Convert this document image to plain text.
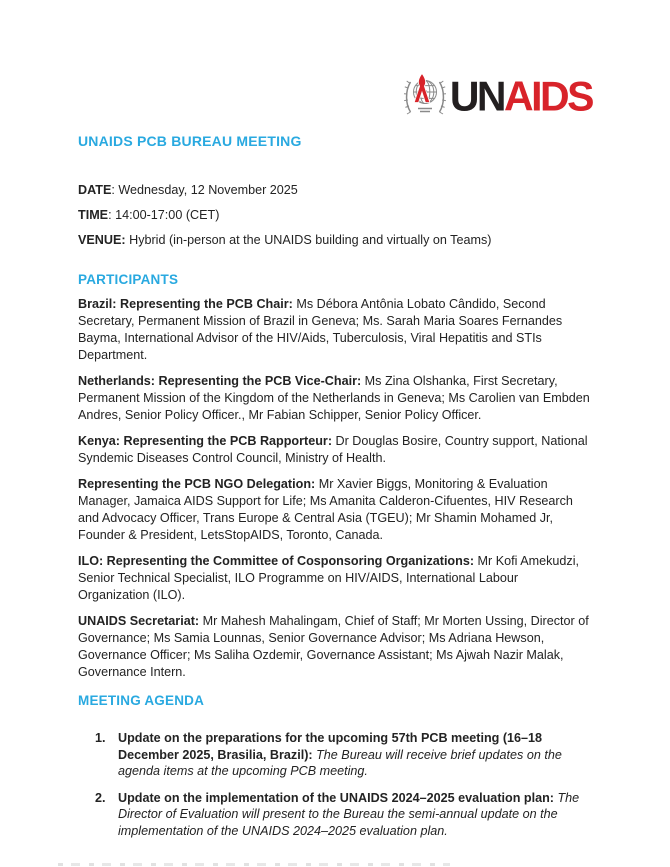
UNAIDS
UNAIDS PCB BUREAU MEETING
DATE: Wednesday, 12 November 2025
TIME: 14:00-17:00 (CET)
VENUE: Hybrid (in-person at the UNAIDS building and virtually on Teams)
PARTICIPANTS

Brazil: Representing the PCB Chair: Ms Débora Antônia Lobato Cândido, Second Secretary, Permanent Mission of Brazil in Geneva; Ms. Sarah Maria Soares Fernandes Bayma, International Advisor of the HIV/Aids, Tuberculosis, Viral Hepatitis and STIs Department.

Netherlands: Representing the PCB Vice-Chair: Ms Zina Olshanka, First Secretary, Permanent Mission of the Kingdom of the Netherlands in Geneva; Ms Carolien van Embden Andres, Senior Policy Officer., Mr Fabian Schipper, Senior Policy Officer.

Kenya: Representing the PCB Rapporteur: Dr Douglas Bosire, Country support, National Syndemic Diseases Control Council, Ministry of Health.

Representing the PCB NGO Delegation: Mr Xavier Biggs, Monitoring & Evaluation Manager, Jamaica AIDS Support for Life; Ms Amanita Calderon-Cifuentes, HIV Research and Advocacy Officer, Trans Europe & Central Asia (TGEU); Mr Shamin Mohamed Jr, Founder & President, LetsStopAIDS, Toronto, Canada.

ILO: Representing the Committee of Cosponsoring Organizations: Mr Kofi Amekudzi, Senior Technical Specialist, ILO Programme on HIV/AIDS, International Labour Organization (ILO).

UNAIDS Secretariat: Mr Mahesh Mahalingam, Chief of Staff; Mr Morten Ussing, Director of Governance; Ms Samia Lounnas, Senior Governance Advisor; Ms Adriana Hewson, Governance Officer; Ms Saliha Ozdemir, Governance Assistant; Ms Ajwah Nazir Malak, Governance Intern.

MEETING AGENDA
1. Update on the preparations for the upcoming 57th PCB meeting (16–18 December 2025, Brasilia, Brazil): The Bureau will receive brief updates on the agenda items at the upcoming PCB meeting.
2. Update on the implementation of the UNAIDS 2024–2025 evaluation plan: The Director of Evaluation will present to the Bureau the semi-annual update on the implementation of the UNAIDS 2024–2025 evaluation plan.
